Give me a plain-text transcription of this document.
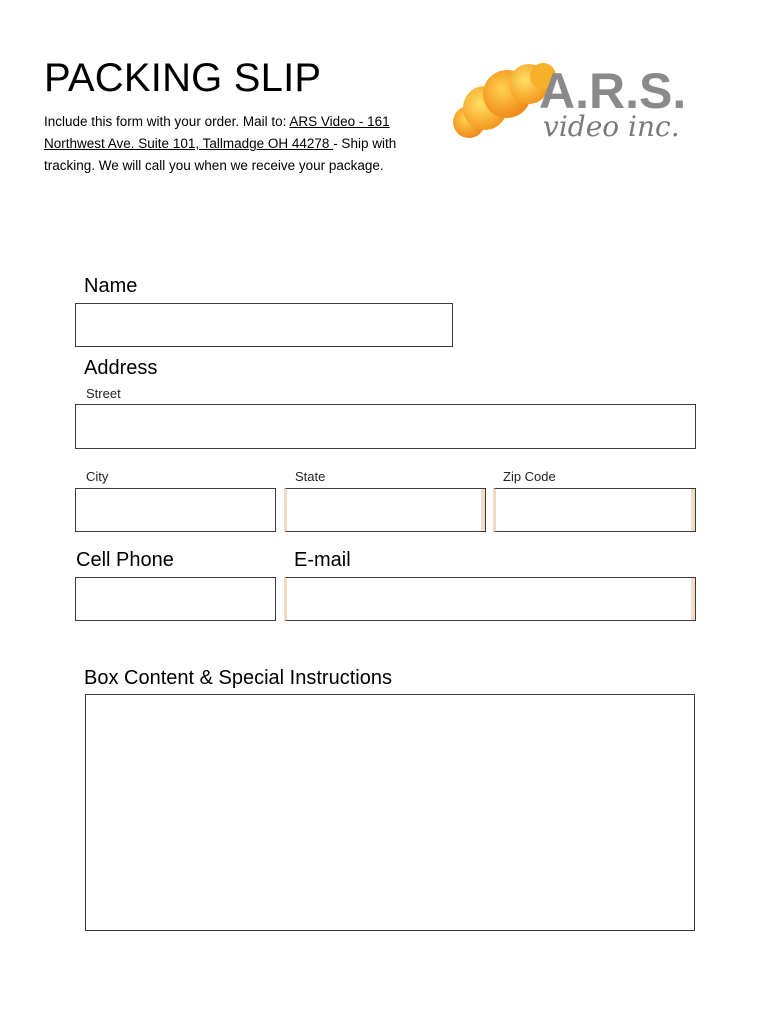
PACKING SLIP
Include this form with your order. Mail to: ARS Video - 161 Northwest Ave. Suite 101, Tallmadge OH 44278 - Ship with tracking. We will call you when we receive your package.
A.R.S.
video inc.
Name
Address
Street
City	State	Zip Code
Cell Phone	E-mail
Box Content & Special Instructions
